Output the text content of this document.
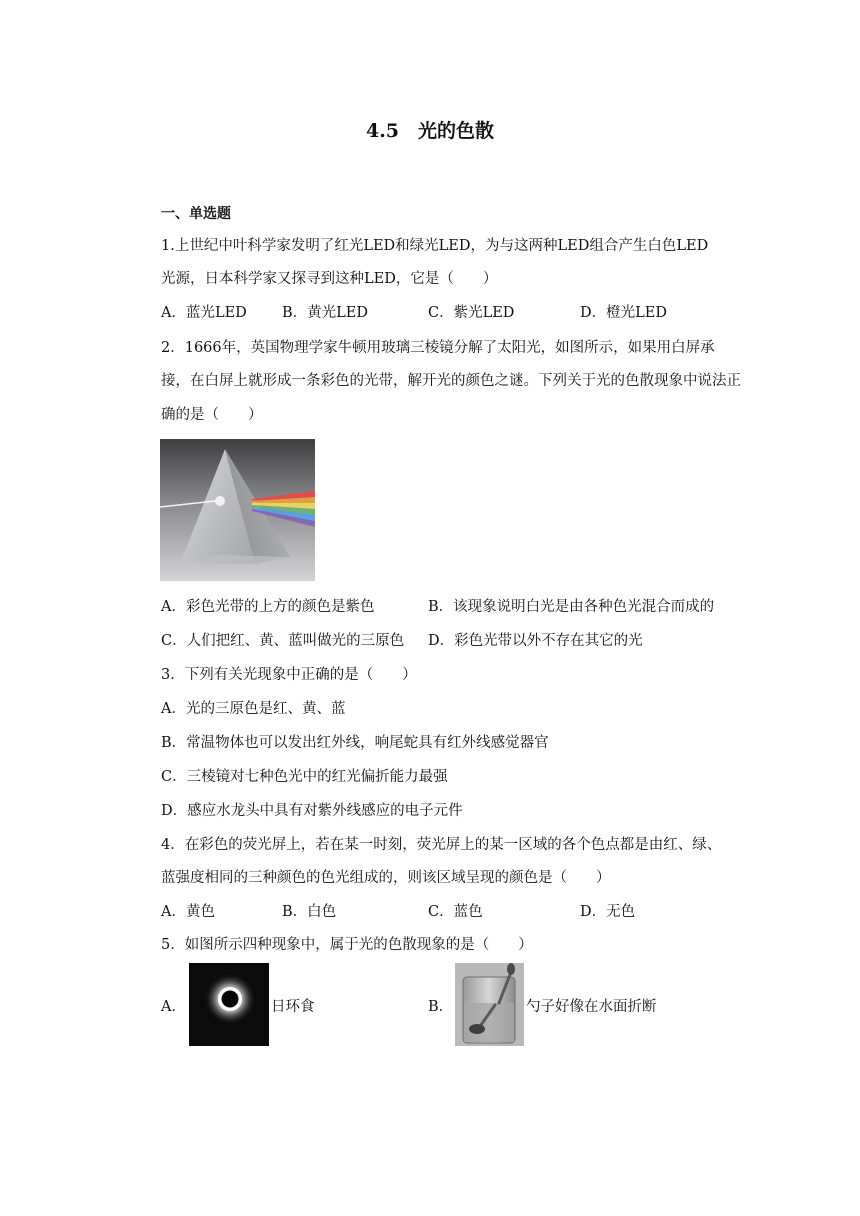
4.5　光的色散
一、单选题
1.上世纪中叶科学家发明了红光LED和绿光LED，为与这两种LED组合产生白色LED
光源，日本科学家又探寻到这种LED，它是（　　）
A．蓝光LED B．黄光LED	C．紫光LED	D．橙光LED
2．1666年，英国物理学家牛顿用玻璃三棱镜分解了太阳光，如图所示，如果用白屏承
接，在白屏上就形成一条彩色的光带，解开光的颜色之谜。下列关于光的色散现象中说法正
确的是（　　）
A．彩色光带的上方的颜色是紫色	B．该现象说明白光是由各种色光混合而成的
C．人们把红、黄、蓝叫做光的三原色 D．彩色光带以外不存在其它的光
3．下列有关光现象中正确的是（　　）
A．光的三原色是红、黄、蓝
B．常温物体也可以发出红外线，响尾蛇具有红外线感觉器官
C．三棱镜对七种色光中的红光偏折能力最强
D．感应水龙头中具有对紫外线感应的电子元件
4．在彩色的荧光屏上，若在某一时刻，荧光屏上的某一区域的各个色点都是由红、绿、
蓝强度相同的三种颜色的色光组成的，则该区域呈现的颜色是（　　）
A．黄色	B．白色	C．蓝色	D．无色
5．如图所示四种现象中，属于光的色散现象的是（　　）
A．	日环食	B．	勺子好像在水面折断
